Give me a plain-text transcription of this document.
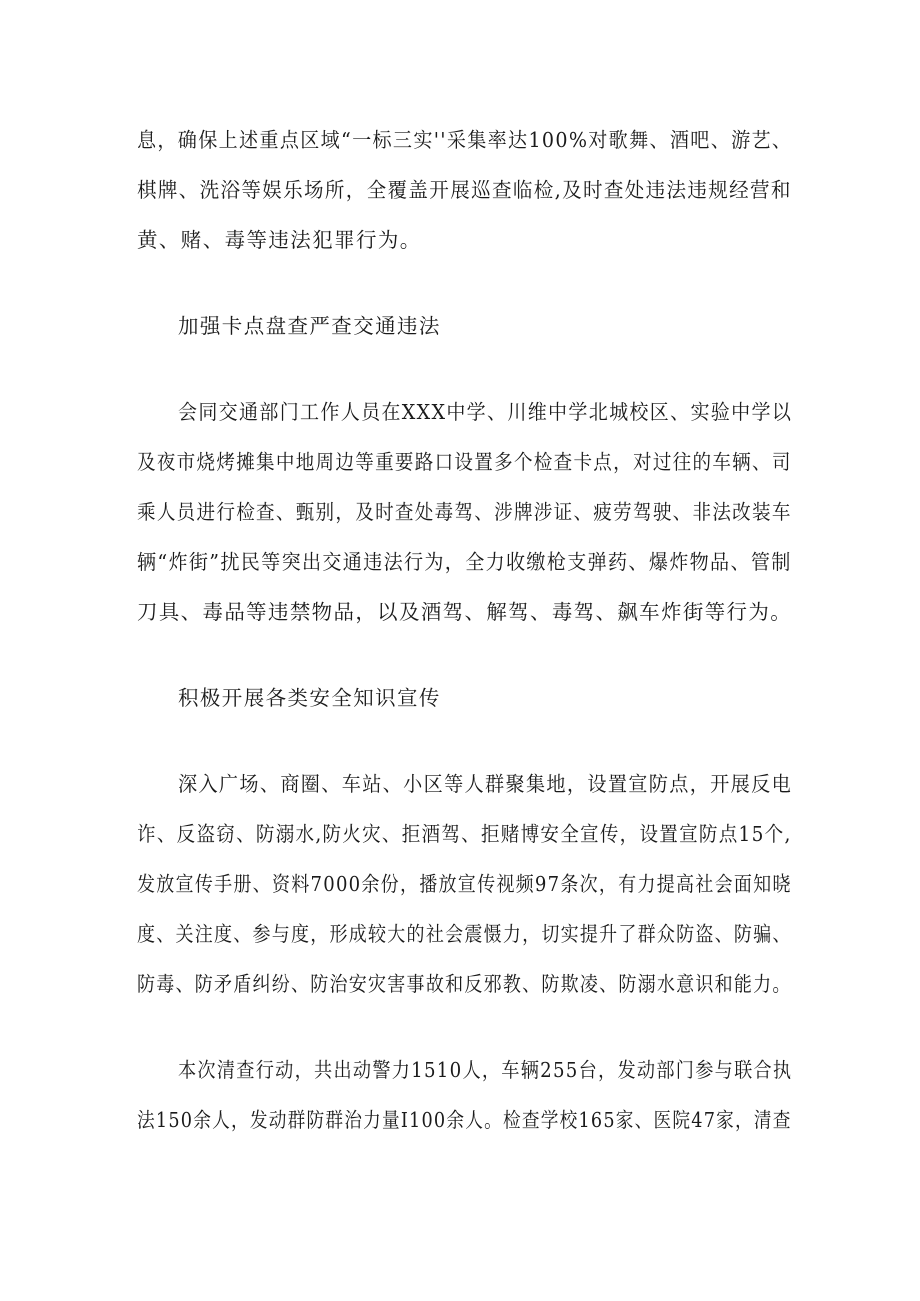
息，确保上述重点区域“一标三实''采集率达100%对歌舞、酒吧、游艺、
棋牌、洗浴等娱乐场所，全覆盖开展巡查临检,及时查处违法违规经营和
黄、赌、毒等违法犯罪行为。
加强卡点盘查严查交通违法
会同交通部门工作人员在XXX中学、川维中学北城校区、实验中学以
及夜市烧烤摊集中地周边等重要路口设置多个检查卡点，对过往的车辆、司
乘人员进行检查、甄别，及时查处毒驾、涉牌涉证、疲劳驾驶、非法改装车
辆“炸街”扰民等突出交通违法行为，全力收缴枪支弹药、爆炸物品、管制
刀具、毒品等违禁物品，以及酒驾、解驾、毒驾、飙车炸街等行为。
积极开展各类安全知识宣传
深入广场、商圈、车站、小区等人群聚集地，设置宣防点，开展反电
诈、反盗窃、防溺水,防火灾、拒酒驾、拒赌博安全宣传，设置宣防点15个,
发放宣传手册、资料7000余份，播放宣传视频97条次，有力提高社会面知晓
度、关注度、参与度，形成较大的社会震慑力，切实提升了群众防盗、防骗、
防毒、防矛盾纠纷、防治安灾害事故和反邪教、防欺凌、防溺水意识和能力。
本次清查行动，共出动警力1510人，车辆255台，发动部门参与联合执
法150余人，发动群防群治力量I100余人。检查学校165家、医院47家，清查
